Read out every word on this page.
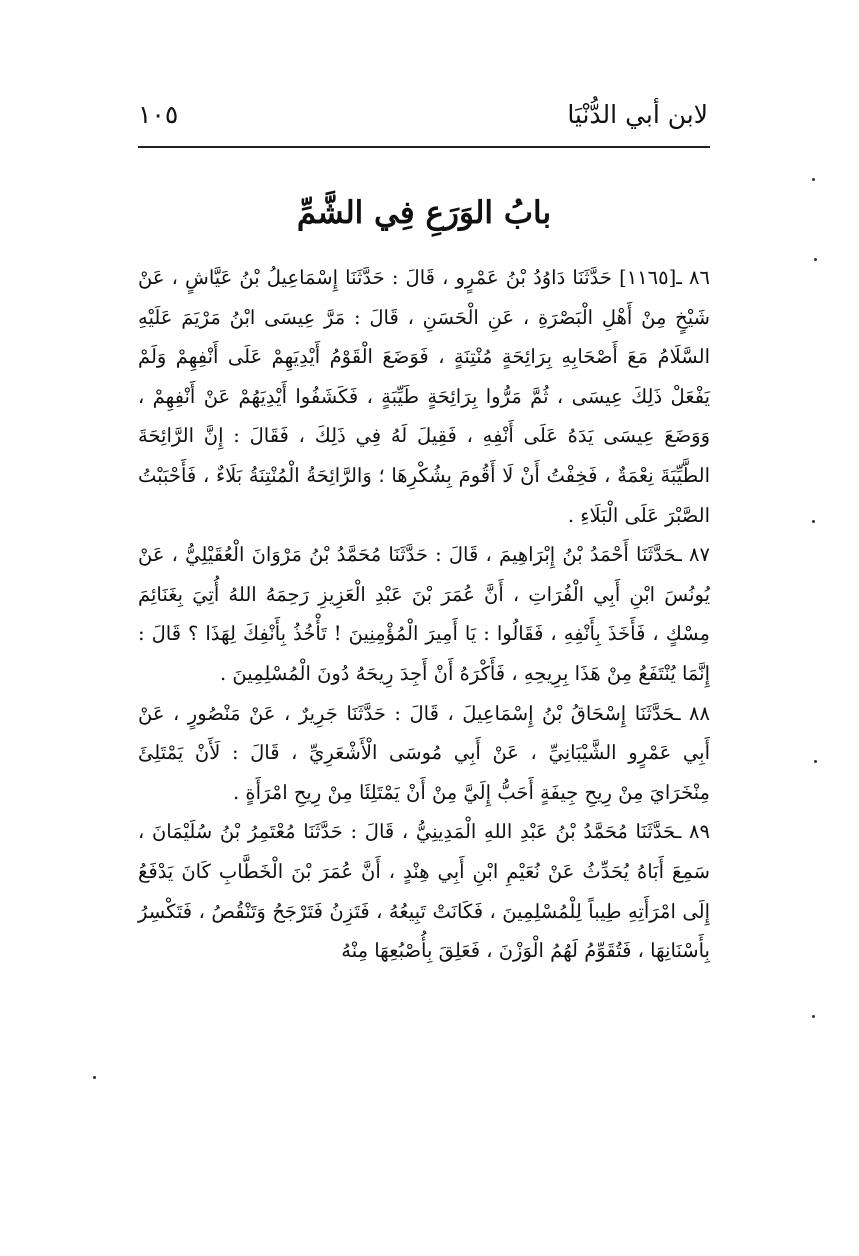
لابن أبي الدُّنْيَا
١٠٥
بابُ الوَرَعِ فِي الشَّمِّ

٨٦ ـ[١١٦٥] حَدَّثَنَا دَاوُدُ بْنُ عَمْرٍو ، قَالَ : حَدَّثَنَا إِسْمَاعِيلُ بْنُ عَيَّاشٍ ، عَنْ شَيْخٍ مِنْ أَهْلِ الْبَصْرَةِ ، عَنِ الْحَسَنِ ، قَالَ : مَرَّ عِيسَى ابْنُ مَرْيَمَ عَلَيْهِ السَّلَامُ مَعَ أَصْحَابِهِ بِرَائِحَةٍ مُنْتِنَةٍ ، فَوَضَعَ الْقَوْمُ أَيْدِيَهِمْ عَلَى أَنْفِهِمْ وَلَمْ يَفْعَلْ ذَلِكَ عِيسَى ، ثُمَّ مَرُّوا بِرَائِحَةٍ طَيِّبَةٍ ، فَكَشَفُوا أَيْدِيَهُمْ عَنْ أَنْفِهِمْ ، وَوَضَعَ عِيسَى يَدَهُ عَلَى أَنْفِهِ ، فَقِيلَ لَهُ فِي ذَلِكَ ، فَقَالَ : إِنَّ الرَّائِحَةَ الطَّيِّبَةَ نِعْمَةٌ ، فَخِفْتُ أَنْ لَا أَقُومَ بِشُكْرِهَا ؛ وَالرَّائِحَةُ الْمُنْتِنَةُ بَلَاءٌ ، فَأَحْبَبْتُ الصَّبْرَ عَلَى الْبَلَاءِ .

٨٧ ـحَدَّثَنَا أَحْمَدُ بْنُ إِبْرَاهِيمَ ، قَالَ : حَدَّثَنَا مُحَمَّدُ بْنُ مَرْوَانَ الْعُقَيْلِيُّ ، عَنْ يُونُسَ ابْنِ أَبِي الْفُرَاتِ ، أَنَّ عُمَرَ بْنَ عَبْدِ الْعَزِيزِ رَحِمَهُ اللهُ أُتِيَ بِغَنَائِمَ مِسْكٍ ، فَأَخَذَ بِأَنْفِهِ ، فَقَالُوا : يَا أَمِيرَ الْمُؤْمِنِينَ ! تَأْخُذُ بِأَنْفِكَ لِهَذَا ؟ قَالَ : إِنَّمَا يُنْتَفَعُ مِنْ هَذَا بِرِيحِهِ ، فَأَكْرَهُ أَنْ أَجِدَ رِيحَهُ دُونَ الْمُسْلِمِينَ .

٨٨ ـحَدَّثَنَا إِسْحَاقُ بْنُ إِسْمَاعِيلَ ، قَالَ : حَدَّثَنَا جَرِيرٌ ، عَنْ مَنْصُورٍ ، عَنْ أَبِي عَمْرٍو الشَّيْبَانِيِّ ، عَنْ أَبِي مُوسَى الْأَشْعَرِيِّ ، قَالَ : لَأَنْ يَمْتَلِئَ مِنْخَرَايَ مِنْ رِيحِ جِيفَةٍ أَحَبُّ إِلَيَّ مِنْ أَنْ يَمْتَلِئَا مِنْ رِيحِ امْرَأَةٍ .

٨٩ ـحَدَّثَنَا مُحَمَّدُ بْنُ عَبْدِ اللهِ الْمَدِينِيُّ ، قَالَ : حَدَّثَنَا مُعْتَمِرُ بْنُ سُلَيْمَانَ ، سَمِعَ أَبَاهُ يُحَدِّثُ عَنْ نُعَيْمِ ابْنِ أَبِي هِنْدٍ ، أَنَّ عُمَرَ بْنَ الْخَطَّابِ كَانَ يَدْفَعُ إِلَى امْرَأَتِهِ طِيباً لِلْمُسْلِمِينَ ، فَكَانَتْ تَبِيعُهُ ، فَتَزِنُ فَتَرْجَحُ وَتَنْقُصُ ، فَتَكْسِرُ بِأَسْنَانِهَا ، فَتُقَوِّمُ لَهُمُ الْوَزْنَ ، فَعَلِقَ بِأُصْبُعِهَا مِنْهُ
